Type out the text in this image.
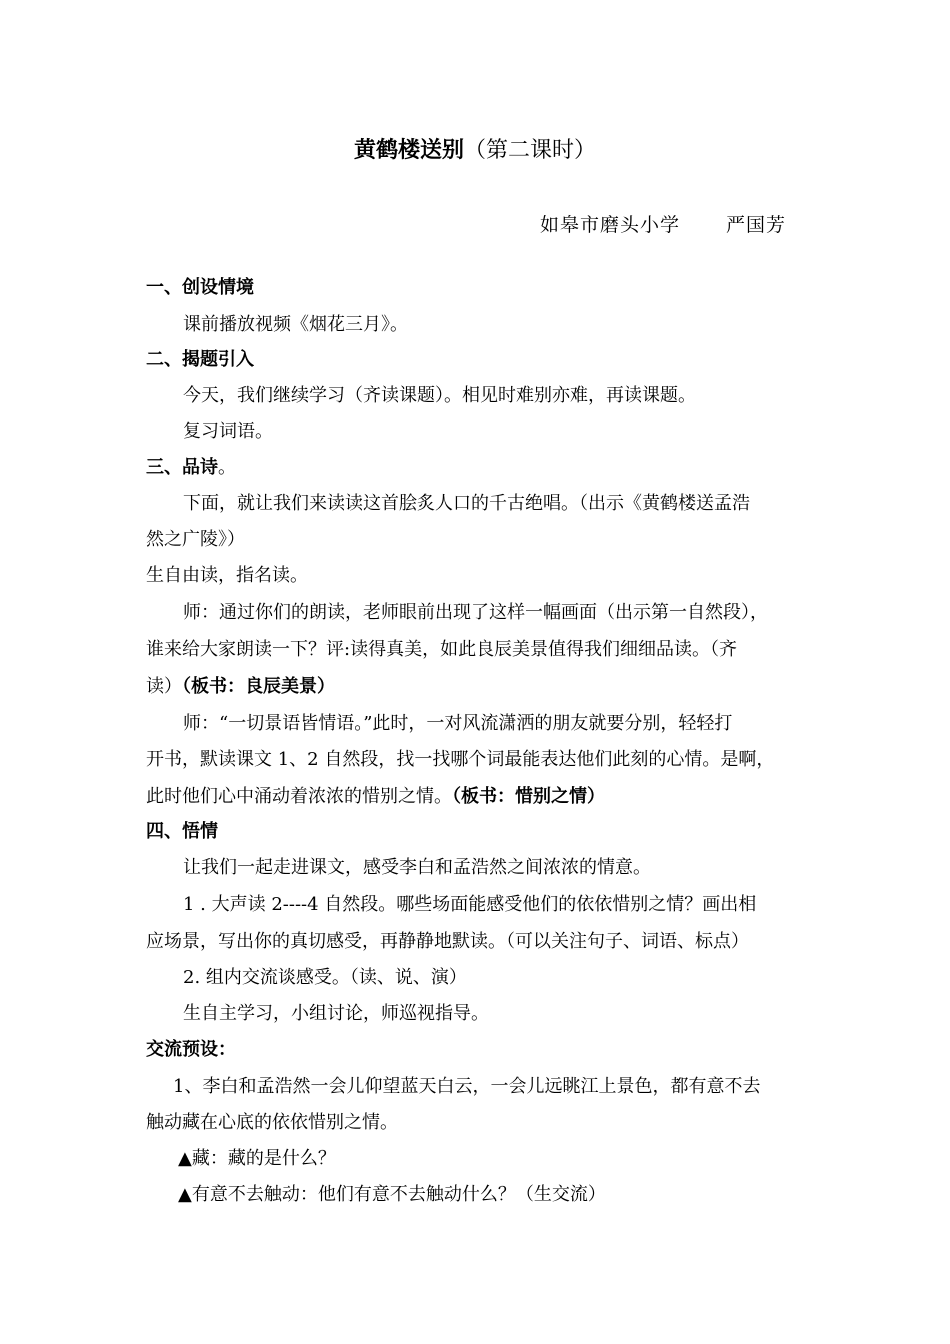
黄鹤楼送别（第二课时）
如皋市磨头小学 严国芳
一、创设情境
课前播放视频《烟花三月》。
二、揭题引入
今天，我们继续学习（齐读课题）。相见时难别亦难，再读课题。
复习词语。
三、品诗。
下面，就让我们来读读这首脍炙人口的千古绝唱。（出示《黄鹤楼送孟浩
然之广陵》）
生自由读，指名读。
师：通过你们的朗读，老师眼前出现了这样一幅画面（出示第一自然段），
谁来给大家朗读一下？评:读得真美，如此良辰美景值得我们细细品读。（齐
读）（板书：良辰美景）
师：“一切景语皆情语。”此时，一对风流潇洒的朋友就要分别，轻轻打
开书，默读课文 1、2 自然段，找一找哪个词最能表达他们此刻的心情。是啊，
此时他们心中涌动着浓浓的惜别之情。（板书：惜别之情）
四、悟情
让我们一起走进课文，感受李白和孟浩然之间浓浓的情意。
1 . 大声读 2----4 自然段。哪些场面能感受他们的依依惜别之情？画出相
应场景，写出你的真切感受，再静静地默读。（可以关注句子、词语、标点）
2. 组内交流谈感受。（读、说、演）
生自主学习，小组讨论，师巡视指导。
交流预设：
1、李白和孟浩然一会儿仰望蓝天白云，一会儿远眺江上景色，都有意不去
触动藏在心底的依依惜别之情。
▲藏：藏的是什么？
▲有意不去触动：他们有意不去触动什么？（生交流）
